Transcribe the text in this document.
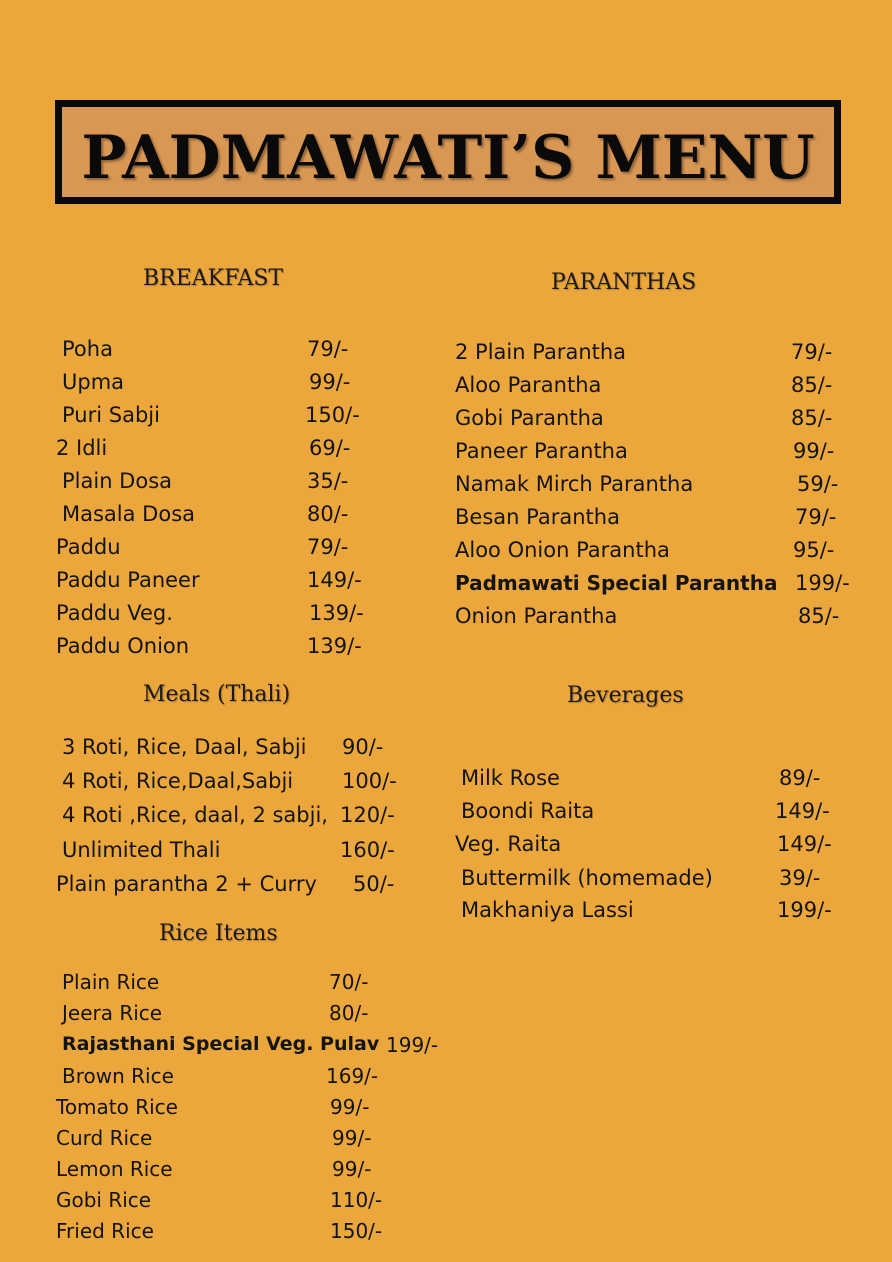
PADMAWATI’S MENU
BREAKFAST	PARANTHAS
Meals (Thali)	Beverages
Rice Items
Poha	79/-
Upma	99/-
Puri Sabji	150/-
2 Idli	69/-
Plain Dosa	35/-
Masala Dosa	80/-
Paddu	79/-
Paddu Paneer	149/-
Paddu Veg.	139/-
Paddu Onion	139/-
2 Plain Parantha	79/-
Aloo Parantha	85/-
Gobi Parantha	85/-
Paneer Parantha	99/-
Namak Mirch Parantha	59/-
Besan Parantha	79/-
Aloo Onion Parantha	95/-
Padmawati Special Parantha 199/-
Onion Parantha	85/-
3 Roti, Rice, Daal, Sabji 90/-
4 Roti, Rice,Daal,Sabji 100/-
4 Roti ,Rice, daal, 2 sabji, 120/-
Unlimited Thali	160/-
Plain parantha 2 + Curry 50/-
Milk Rose	89/-
Boondi Raita	149/-
Veg. Raita	149/-
Buttermilk (homemade)	39/-
Makhaniya Lassi	199/-
Plain Rice	70/-
Jeera Rice	80/-
Rajasthani Special Veg. Pulav 199/-
Brown Rice	169/-
Tomato Rice	99/-
Curd Rice	99/-
Lemon Rice	99/-
Gobi Rice	110/-
Fried Rice	150/-
